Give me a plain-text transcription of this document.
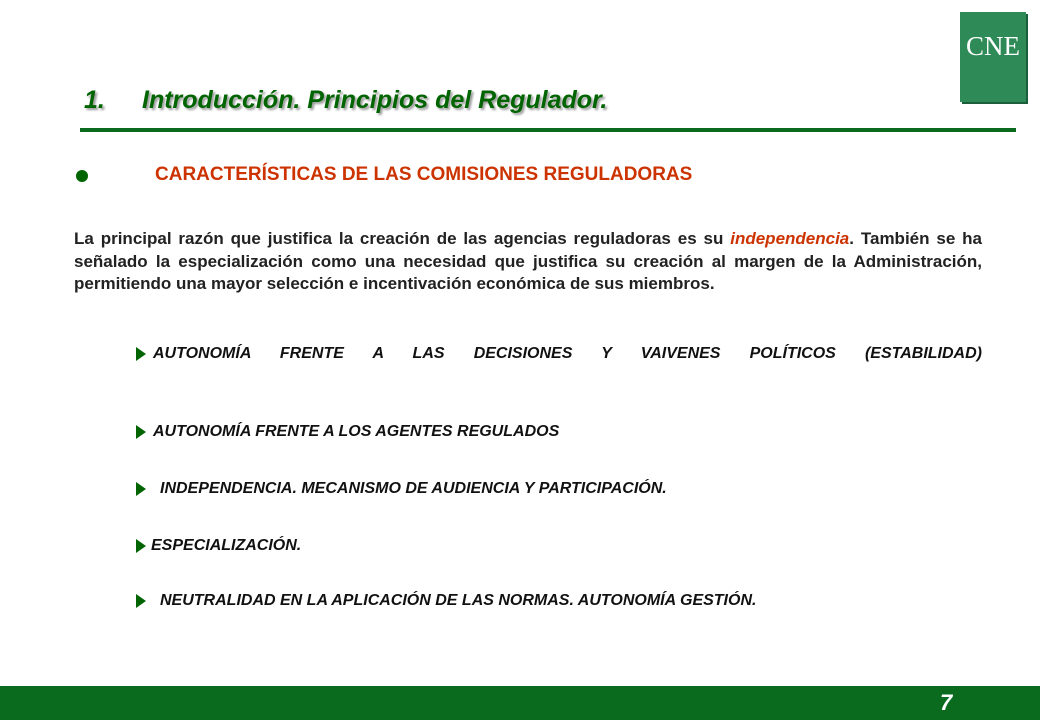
CNE
1. Introducción. Principios del Regulador.
CARACTERÍSTICAS DE LAS COMISIONES REGULADORAS

La principal razón que justifica la creación de las agencias reguladoras es su independencia. También se ha señalado la especialización como una necesidad que justifica su creación al margen de la Administración, permitiendo una mayor selección e incentivación económica de sus miembros.

AUTONOMÍA FRENTE A LAS DECISIONES Y VAIVENES POLÍTICOS (ESTABILIDAD)
AUTONOMÍA FRENTE A LOS AGENTES REGULADOS
INDEPENDENCIA. MECANISMO DE AUDIENCIA Y PARTICIPACIÓN.
ESPECIALIZACIÓN.
NEUTRALIDAD EN LA APLICACIÓN DE LAS NORMAS. AUTONOMÍA GESTIÓN.

7
